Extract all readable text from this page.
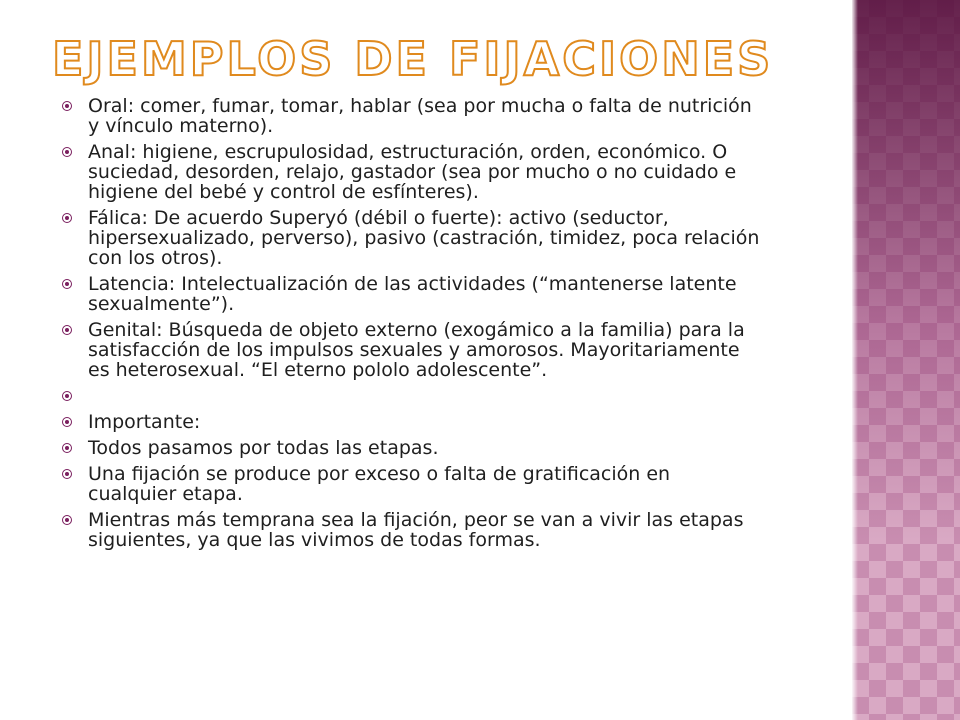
EJEMPLOS DE FIJACIONES
Oral: comer, fumar, tomar, hablar (sea por mucha o falta de nutrición y vínculo materno).
Anal: higiene, escrupulosidad, estructuración, orden, económico. O suciedad, desorden, relajo, gastador (sea por mucho o no cuidado e higiene del bebé y control de esfínteres).
Fálica: De acuerdo Superyó (débil o fuerte): activo (seductor, hipersexualizado, perverso), pasivo (castración, timidez, poca relación con los otros).
Latencia: Intelectualización de las actividades (“mantenerse latente sexualmente”).
Genital: Búsqueda de objeto externo (exogámico a la familia) para la satisfacción de los impulsos sexuales y amorosos. Mayoritariamente es heterosexual. “El eterno pololo adolescente”.
Importante:
Todos pasamos por todas las etapas.
Una fijación se produce por exceso o falta de gratificación en cualquier etapa.
Mientras más temprana sea la fijación, peor se van a vivir las etapas siguientes, ya que las vivimos de todas formas.
